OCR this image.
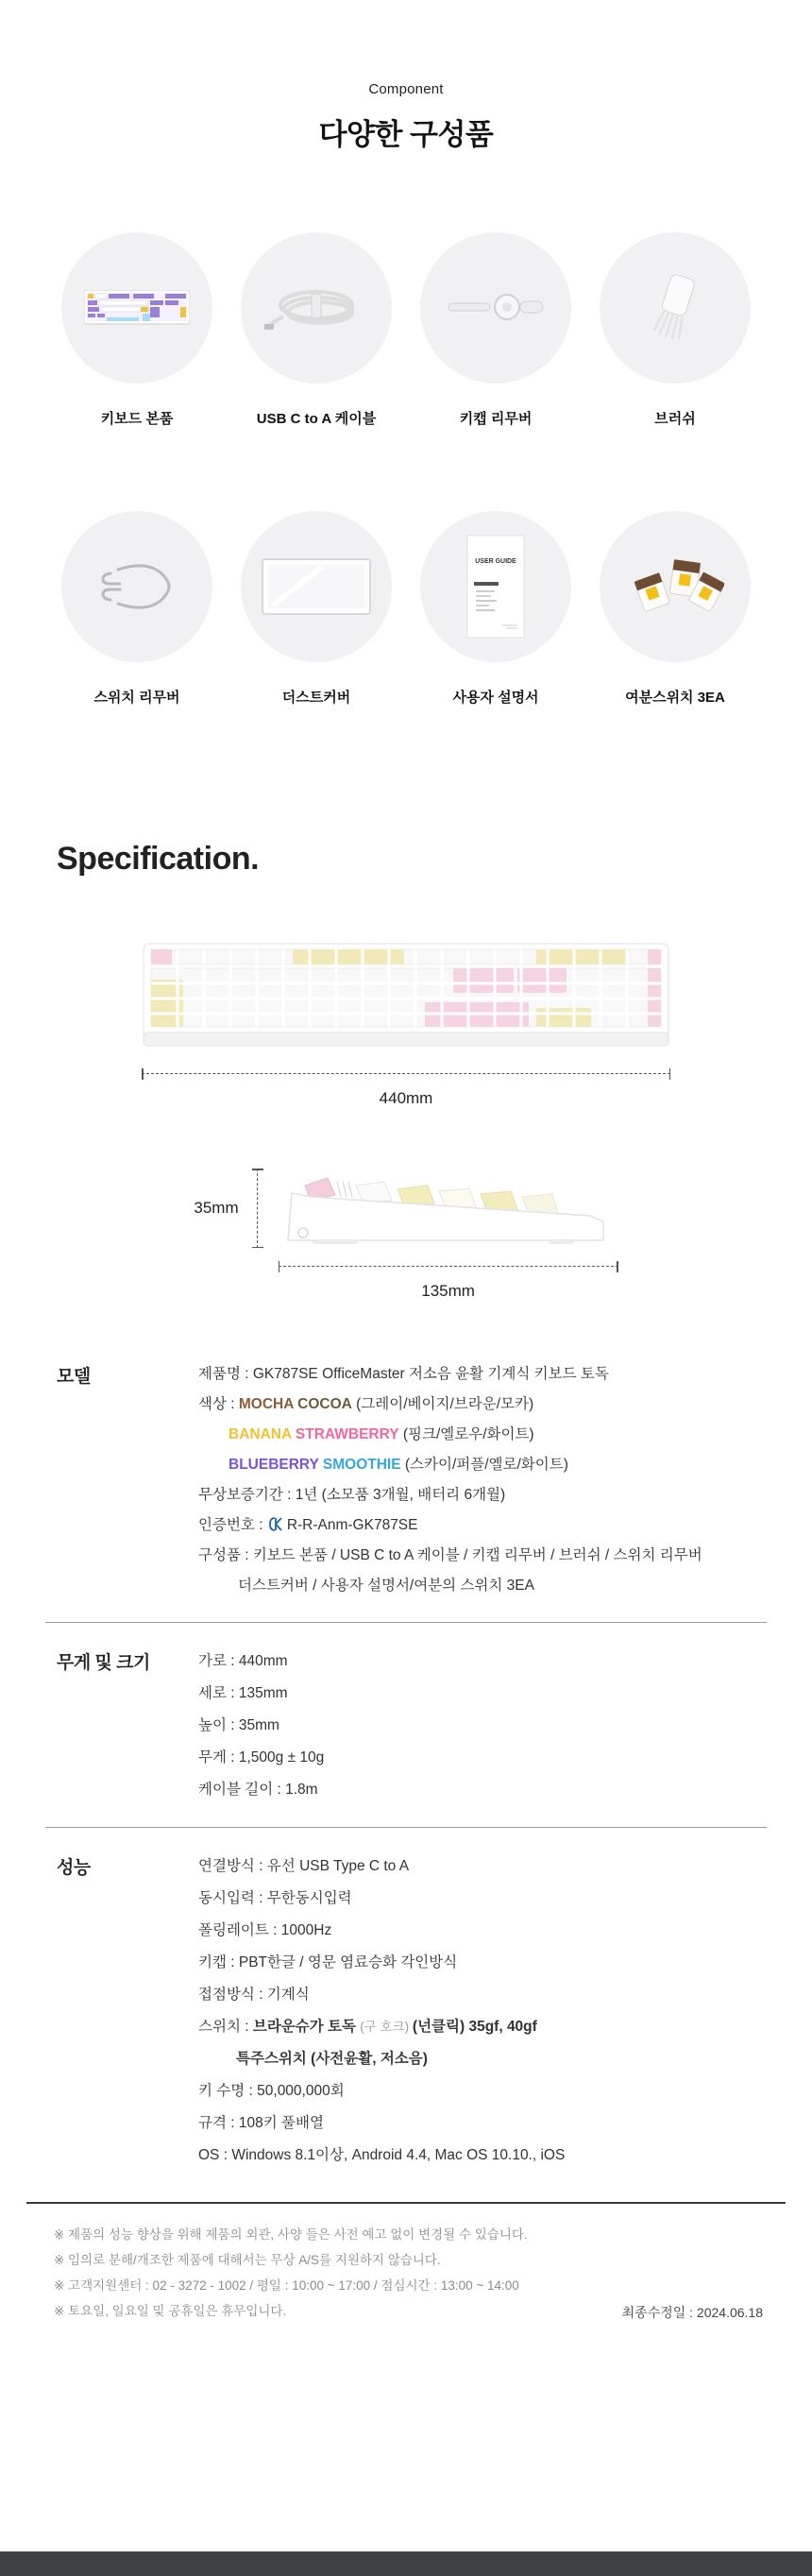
Component
다양한 구성품
키보드 본품	USB C to A 케이블	키캡 리무버	브러쉬
스위치 리무버	더스트커버
USER GUIDE
사용자 설명서	여분스위치 3EA
Specification.
440mm
35mm
135mm
모델	제품명 : GK787SE OfficeMaster 저소음 윤활 기계식 키보드 토독

색상 : MOCHA COCOA (그레이/베이지/브라운/모카)

BANANA STRAWBERRY (핑크/옐로우/화이트)

BLUEBERRY SMOOTHIE (스카이/퍼플/옐로/화이트)

무상보증기간 : 1년 (소모품 3개월, 배터리 6개월)

인증번호 :
R-R-Anm-GK787SE

구성품 : 키보드 본품 / USB C to A 케이블 / 키캡 리무버 / 브러쉬 / 스위치 리무버

더스트커버 / 사용자 설명서/여분의 스위치 3EA

무게 및 크기	가로 : 440mm

세로 : 135mm

높이 : 35mm

무게 : 1,500g ± 10g

케이블 길이 : 1.8m

성능	연결방식 : 유선 USB Type C to A

동시입력 : 무한동시입력

폴링레이트 : 1000Hz

키캡 : PBT한글 / 영문 염료승화 각인방식

접점방식 : 기계식

스위치 : 브라운슈가 토독 (구 호크) (넌클릭) 35gf, 40gf

특주스위치 (사전윤활, 저소음)

키 수명 : 50,000,000회

규격 : 108키 풀배열

OS : Windows 8.1이상, Android 4.4, Mac OS 10.10., iOS

※ 제품의 성능 향상을 위해 제품의 외관, 사양 들은 사전 예고 없이 변경될 수 있습니다.

※ 임의로 분해/개조한 제품에 대해서는 무상 A/S를 지원하지 않습니다.

※ 고객지원센터 : 02 - 3272 - 1002 / 평일 : 10:00 ~ 17:00 / 점심시간 : 13:00 ~ 14:00

※ 토요일, 일요일 및 공휴일은 휴무입니다.	최종수정일 : 2024.06.18
